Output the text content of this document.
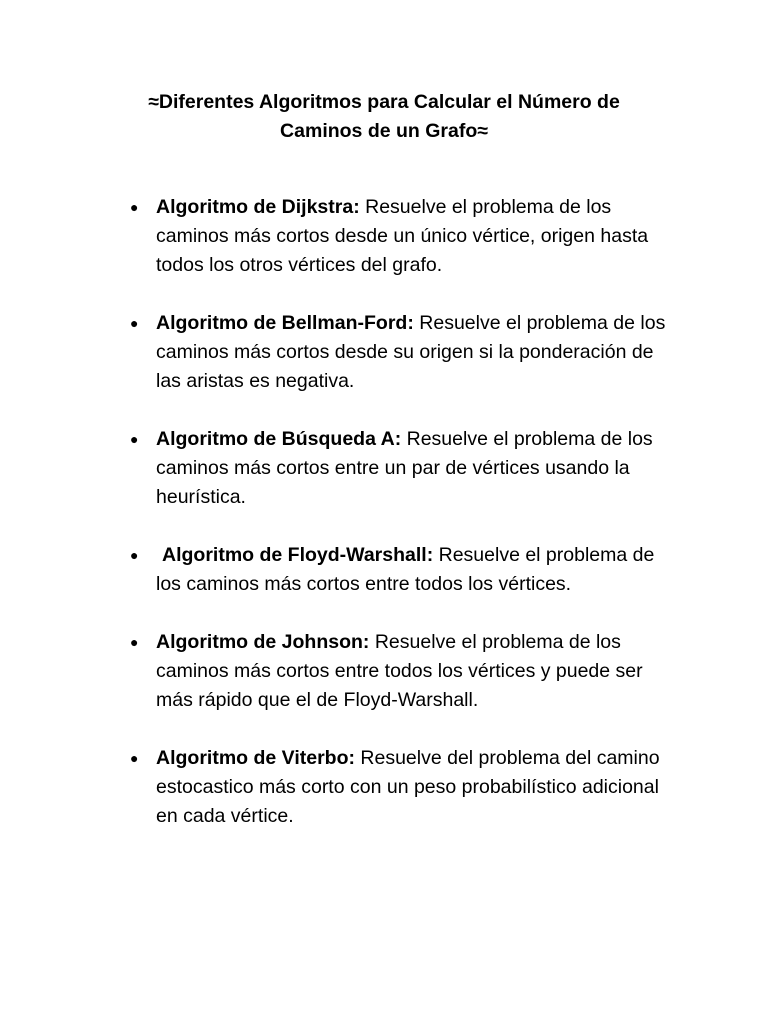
≈Diferentes Algoritmos para Calcular el Número de
Caminos de un Grafo≈
● Algoritmo de Dijkstra: Resuelve el problema de los caminos más cortos desde un único vértice, origen hasta todos los otros vértices del grafo.
● Algoritmo de Bellman-Ford: Resuelve el problema de los caminos más cortos desde su origen si la ponderación de las aristas es negativa.
● Algoritmo de Búsqueda A: Resuelve el problema de los caminos más cortos entre un par de vértices usando la heurística.
● Algoritmo de Floyd-Warshall: Resuelve el problema de los caminos más cortos entre todos los vértices.
● Algoritmo de Johnson: Resuelve el problema de los caminos más cortos entre todos los vértices y puede ser más rápido que el de Floyd-Warshall.
● Algoritmo de Viterbo: Resuelve del problema del camino estocastico más corto con un peso probabilístico adicional en cada vértice.
